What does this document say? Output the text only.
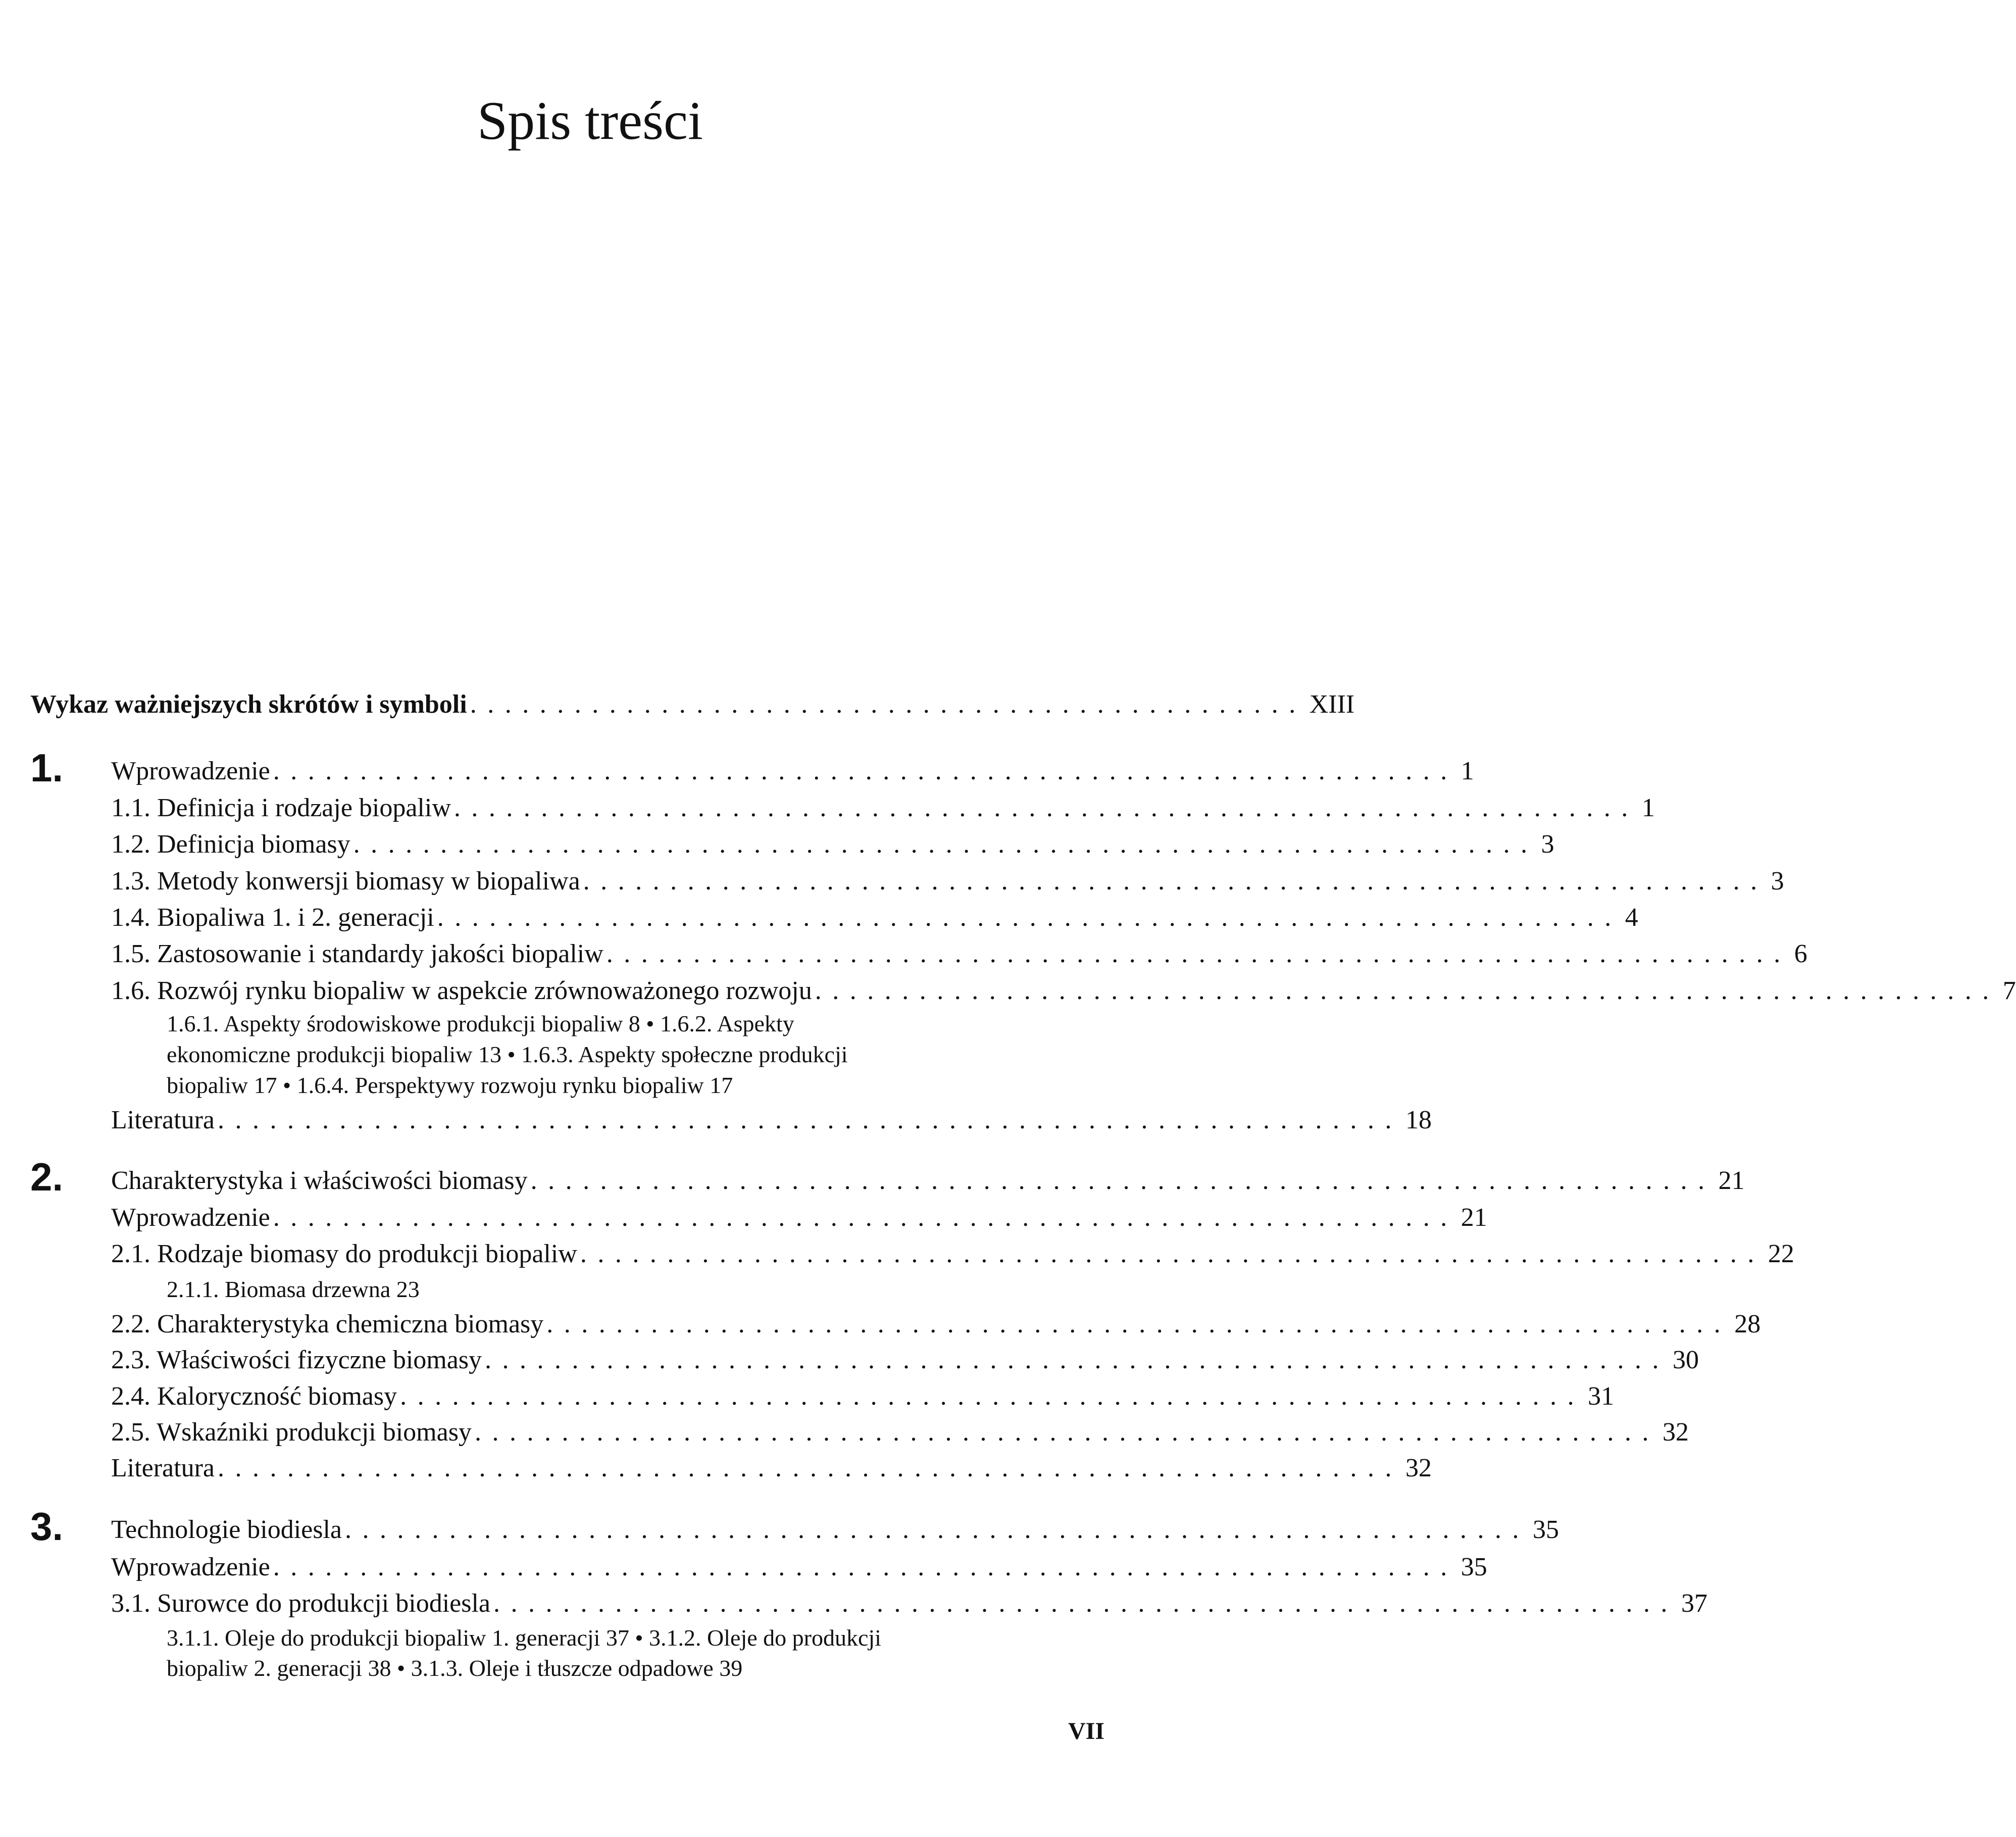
Spis treści
Wykaz ważniejszych skrótów i symboli ................................................ XIII
1. Wprowadzenie .................................................................... 1
1.1. Definicja i rodzaje biopaliw .................................................................... 1
1.2. Definicja biomasy .................................................................... 3
1.3. Metody konwersji biomasy w biopaliwa .................................................................... 3
1.4. Biopaliwa 1. i 2. generacji .................................................................... 4
1.5. Zastosowanie i standardy jakości biopaliw .................................................................... 6
1.6. Rozwój rynku biopaliw w aspekcie zrównoważonego rozwoju .................................................................... 7
1.6.1. Aspekty środowiskowe produkcji biopaliw 8 • 1.6.2. Aspekty
ekonomiczne produkcji biopaliw 13 • 1.6.3. Aspekty społeczne produkcji
biopaliw 17 • 1.6.4. Perspektywy rozwoju rynku biopaliw 17
Literatura .................................................................... 18
2. Charakterystyka i właściwości biomasy .................................................................... 21
Wprowadzenie .................................................................... 21
2.1. Rodzaje biomasy do produkcji biopaliw .................................................................... 22
2.1.1. Biomasa drzewna 23
2.2. Charakterystyka chemiczna biomasy .................................................................... 28
2.3. Właściwości fizyczne biomasy .................................................................... 30
2.4. Kaloryczność biomasy .................................................................... 31
2.5. Wskaźniki produkcji biomasy .................................................................... 32
Literatura .................................................................... 32
3. Technologie biodiesla .................................................................... 35
Wprowadzenie .................................................................... 35
3.1. Surowce do produkcji biodiesla .................................................................... 37
3.1.1. Oleje do produkcji biopaliw 1. generacji 37 • 3.1.2. Oleje do produkcji
biopaliw 2. generacji 38 • 3.1.3. Oleje i tłuszcze odpadowe 39
VII
